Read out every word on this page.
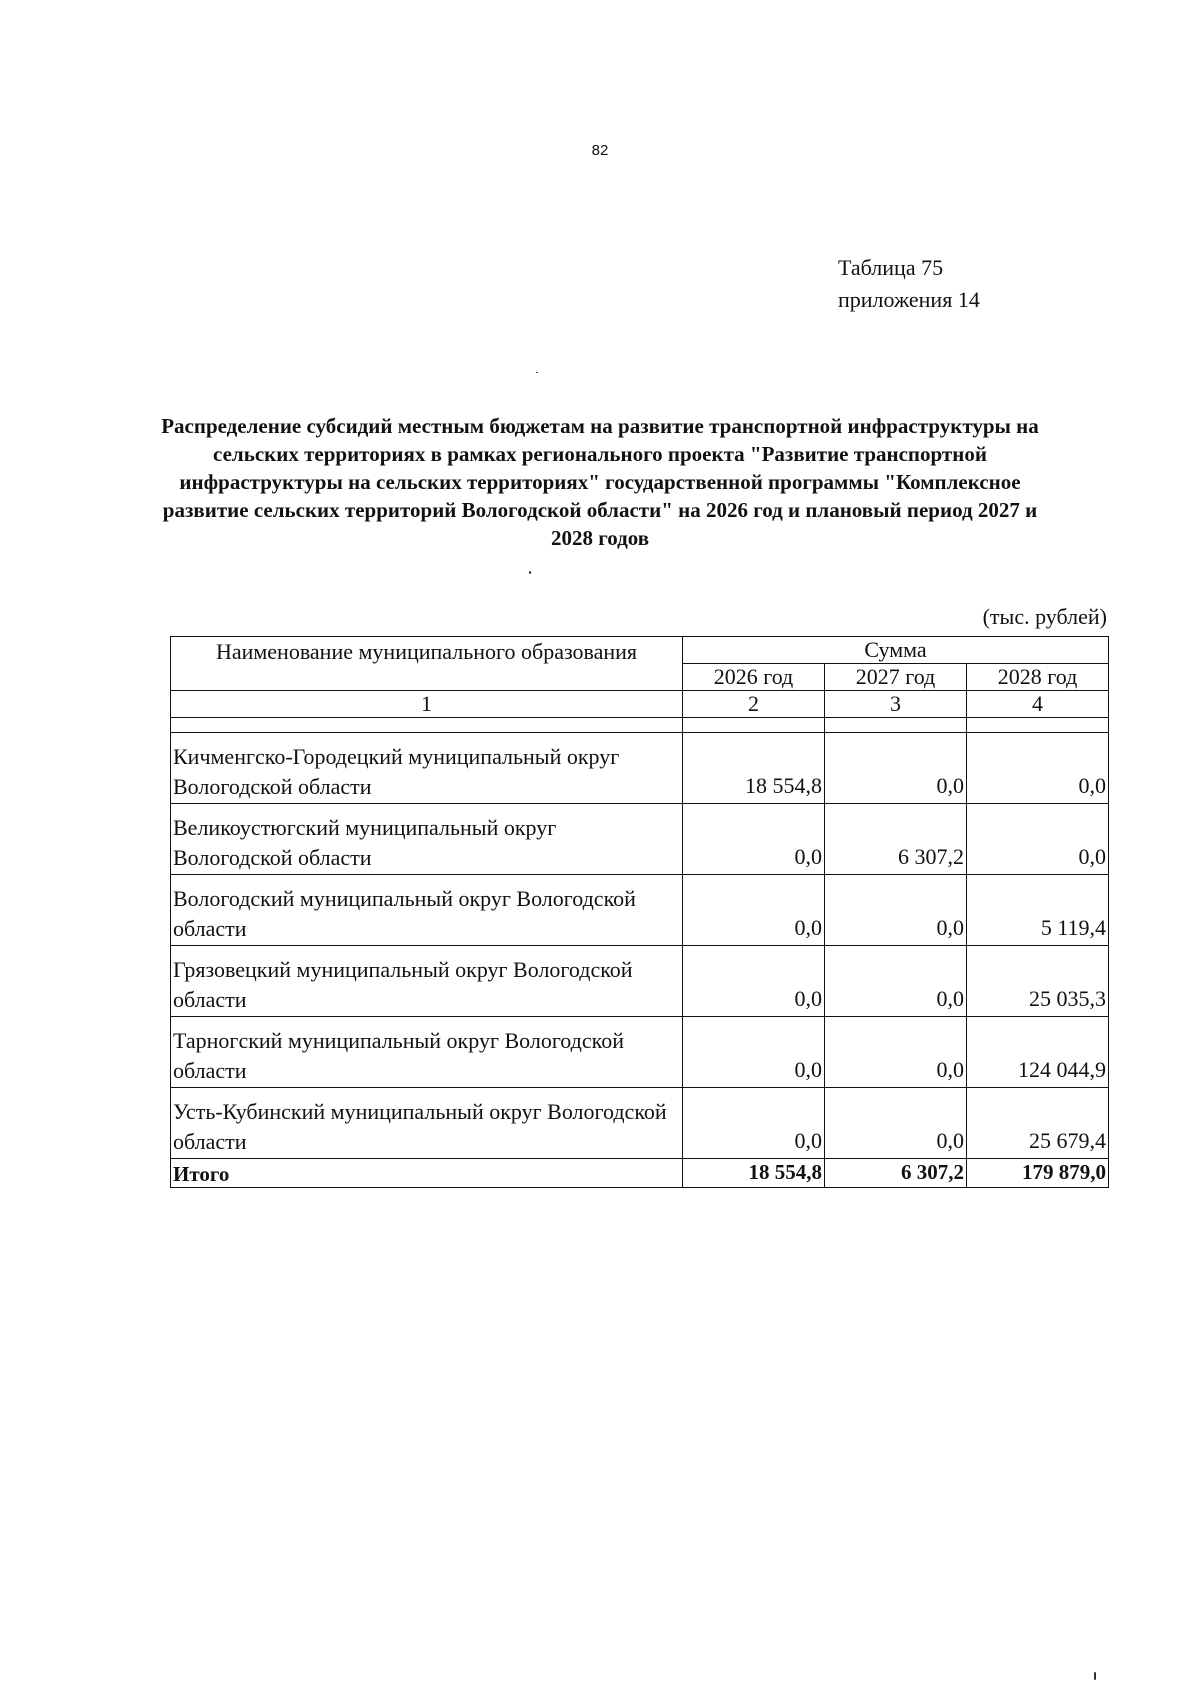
82
Таблица 75
приложения 14
Распределение субсидий местным бюджетам на развитие транспортной инфраструктуры на сельских территориях в рамках регионального проекта "Развитие транспортной инфраструктуры на сельских территориях" государственной программы "Комплексное развитие сельских территорий Вологодской области" на 2026 год и плановый период 2027 и 2028 годов
(тыс. рублей)
Наименование муниципального образования	Сумма		
	2026 год	2027 год	2028 год
1	2	3	4

Кичменгско-Городецкий муниципальный округ Вологодской области	18 554,8	0,0	0,0
Великоустюгский муниципальный округ Вологодской области	0,0	6 307,2	0,0
Вологодский муниципальный округ Вологодской области	0,0	0,0	5 119,4
Грязовецкий муниципальный округ Вологодской области	0,0	0,0	25 035,3
Тарногский муниципальный округ Вологодской области	0,0	0,0	124 044,9
Усть-Кубинский муниципальный округ Вологодской области	0,0	0,0	25 679,4
Итого	18 554,8	6 307,2	179 879,0
